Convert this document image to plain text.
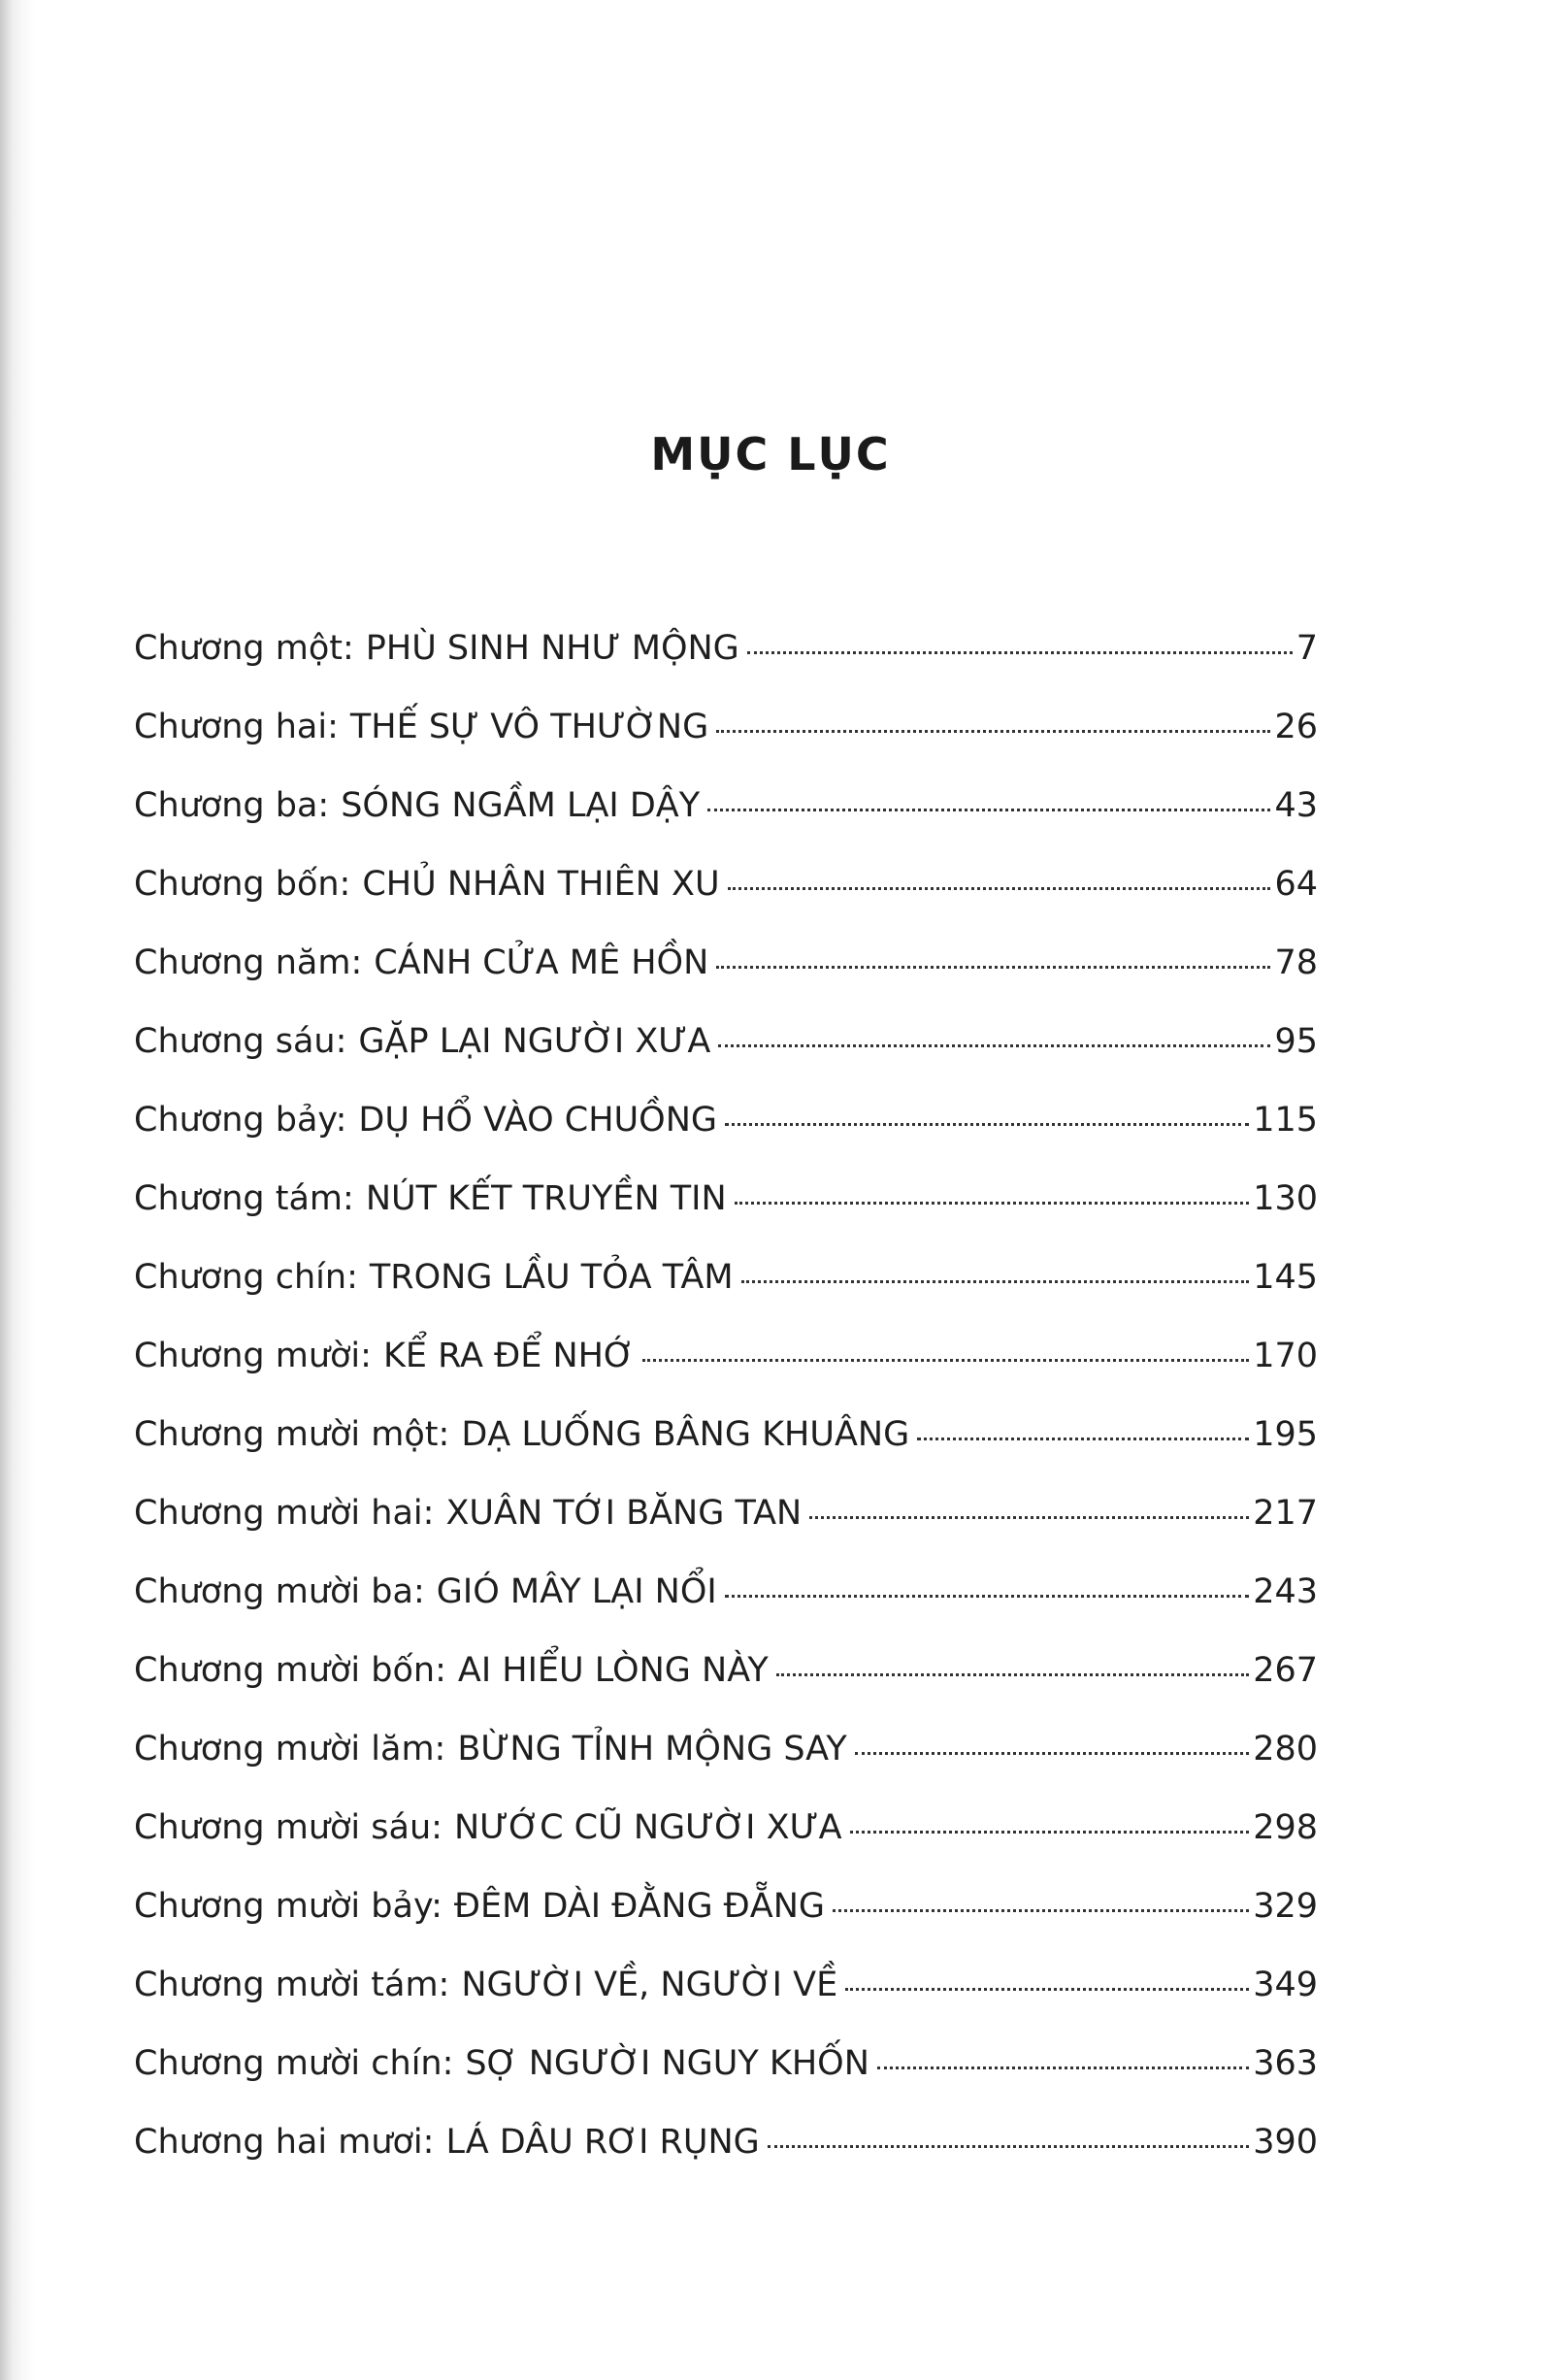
MỤC LỤC
Chương một: PHÙ SINH NHƯ MỘNG	7
Chương hai: THẾ SỰ VÔ THƯỜNG	26
Chương ba: SÓNG NGẦM LẠI DẬY	43
Chương bốn: CHỦ NHÂN THIÊN XU	64
Chương năm: CÁNH CỬA MÊ HỒN	78
Chương sáu: GẶP LẠI NGƯỜI XƯA	95
Chương bảy: DỤ HỔ VÀO CHUỒNG	115
Chương tám: NÚT KẾT TRUYỀN TIN	130
Chương chín: TRONG LẦU TỎA TÂM	145
Chương mười: KỂ RA ĐỂ NHỚ	170
Chương mười một: DẠ LUỐNG BÂNG KHUÂNG	195
Chương mười hai: XUÂN TỚI BĂNG TAN	217
Chương mười ba: GIÓ MÂY LẠI NỔI	243
Chương mười bốn: AI HIỂU LÒNG NÀY	267
Chương mười lăm: BỪNG TỈNH MỘNG SAY	280
Chương mười sáu: NƯỚC CŨ NGƯỜI XƯA	298
Chương mười bảy: ĐÊM DÀI ĐẰNG ĐẴNG	329
Chương mười tám: NGƯỜI VỀ, NGƯỜI VỀ	349
Chương mười chín: SỢ NGƯỜI NGUY KHỐN	363
Chương hai mươi: LÁ DÂU RƠI RỤNG	390
